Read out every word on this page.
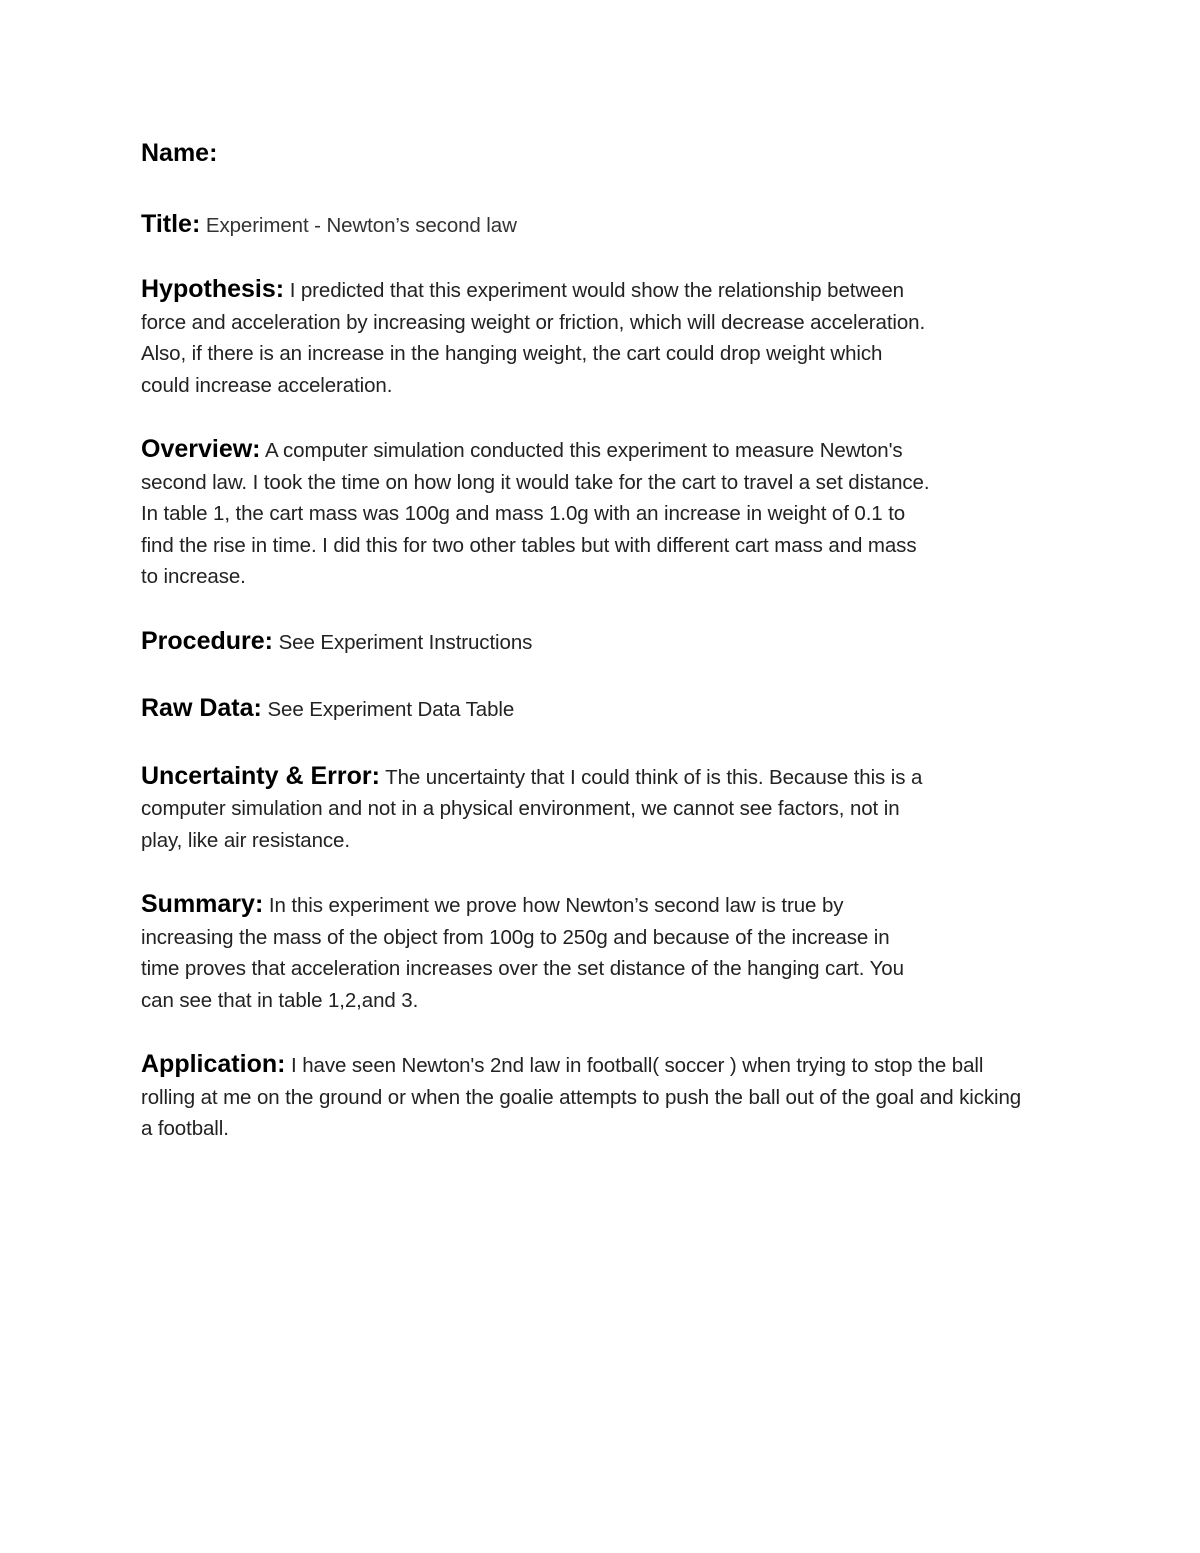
Name:
Title: Experiment - Newton’s second law
Hypothesis: I predicted that this experiment would show the relationship between
force and acceleration by increasing weight or friction, which will decrease acceleration.
Also, if there is an increase in the hanging weight, the cart could drop weight which
could increase acceleration.
Overview: A computer simulation conducted this experiment to measure Newton's
second law. I took the time on how long it would take for the cart to travel a set distance.
In table 1, the cart mass was 100g and mass 1.0g with an increase in weight of 0.1 to
find the rise in time. I did this for two other tables but with different cart mass and mass
to increase.
Procedure: See Experiment Instructions
Raw Data: See Experiment Data Table
Uncertainty & Error: The uncertainty that I could think of is this. Because this is a
computer simulation and not in a physical environment, we cannot see factors, not in
play, like air resistance.
Summary: In this experiment we prove how Newton’s second law is true by
increasing the mass of the object from 100g to 250g and because of the increase in
time proves that acceleration increases over the set distance of the hanging cart. You
can see that in table 1,2,and 3.
Application: I have seen Newton's 2nd law in football( soccer ) when trying to stop the ball
rolling at me on the ground or when the goalie attempts to push the ball out of the goal and kicking
a football.
